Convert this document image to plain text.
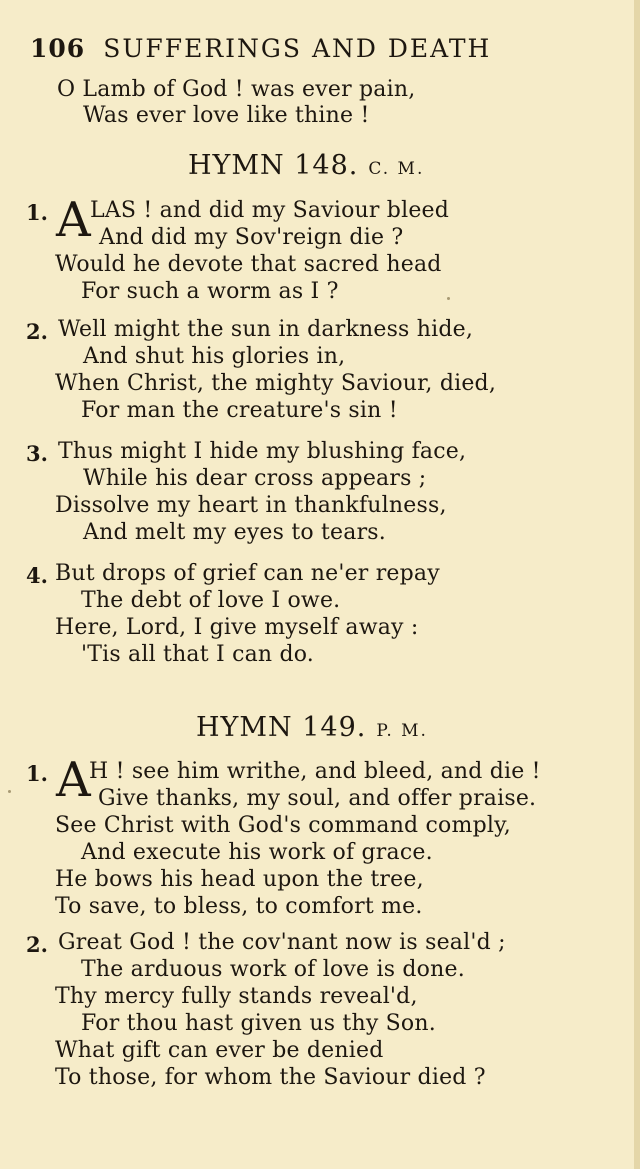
106 SUFFERINGS AND DEATH
O Lamb of God ! was ever pain,
Was ever love like thine !
HYMN 148. C. M.
1. A LAS ! and did my Saviour bleed
And did my Sov'reign die ?
Would he devote that sacred head
For such a worm as I ?
2. Well might the sun in darkness hide,
And shut his glories in,
When Christ, the mighty Saviour, died,
For man the creature's sin !
3. Thus might I hide my blushing face,
While his dear cross appears ;
Dissolve my heart in thankfulness,
And melt my eyes to tears.
4. But drops of grief can ne'er repay
The debt of love I owe.
Here, Lord, I give myself away :
'Tis all that I can do.
HYMN 149. P. M.
1. A
H ! see him writhe, and bleed, and die !
Give thanks, my soul, and offer praise.
See Christ with God's command comply,
And execute his work of grace.
He bows his head upon the tree,
To save, to bless, to comfort me.
2. Great God ! the cov'nant now is seal'd ;
The arduous work of love is done.
Thy mercy fully stands reveal'd,
For thou hast given us thy Son.
What gift can ever be denied
To those, for whom the Saviour died ?
